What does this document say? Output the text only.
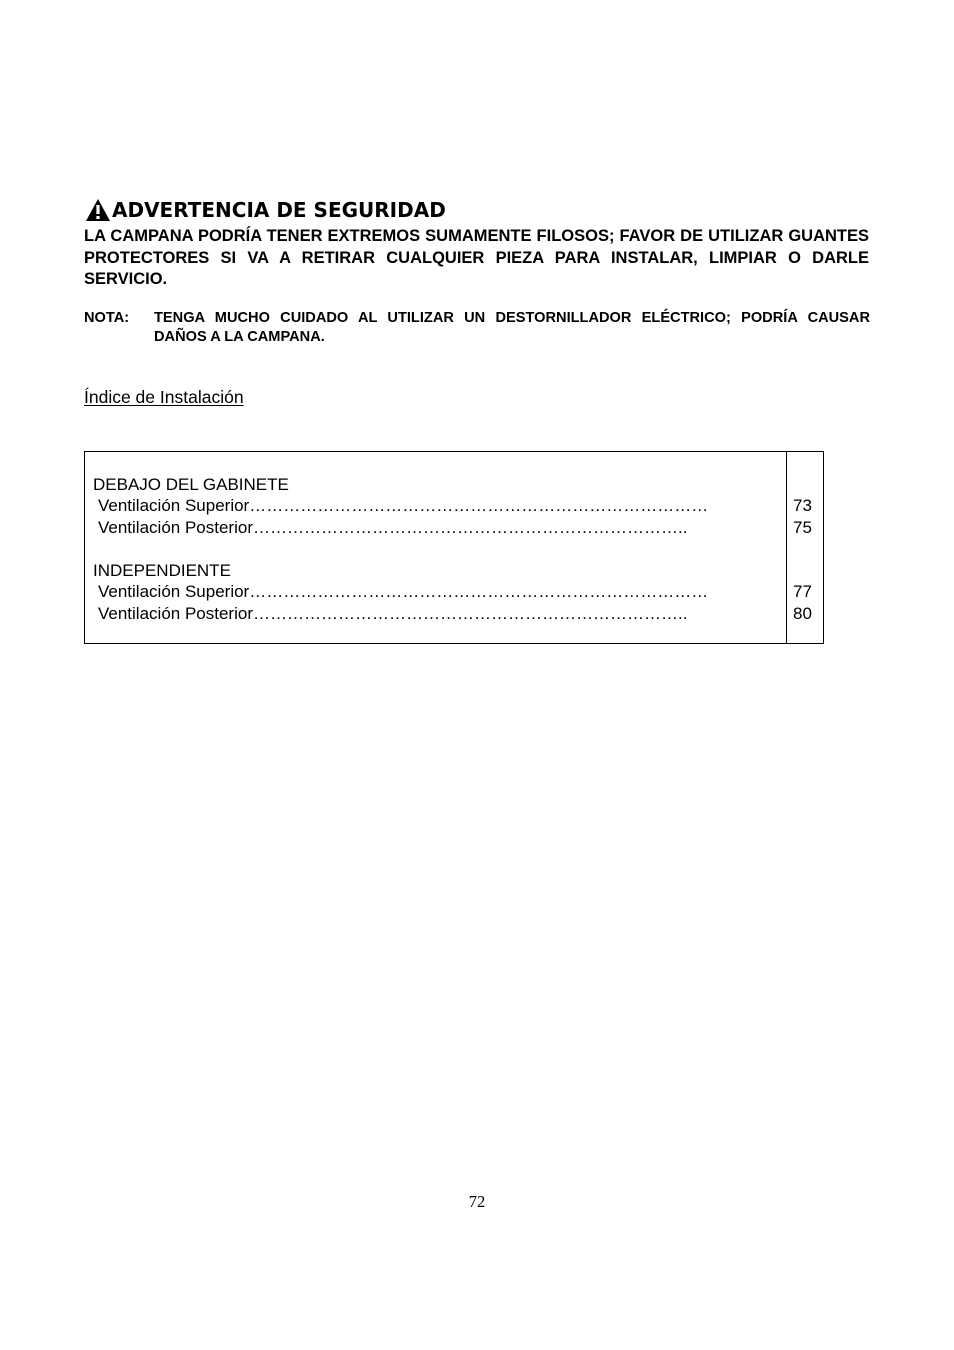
ADVERTENCIA DE SEGURIDAD
LA CAMPANA PODRÍA TENER EXTREMOS SUMAMENTE FILOSOS; FAVOR DE UTILIZAR GUANTES PROTECTORES SI VA A RETIRAR CUALQUIER PIEZA PARA INSTALAR, LIMPIAR O DARLE SERVICIO.
NOTA:	TENGA MUCHO CUIDADO AL UTILIZAR UN DESTORNILLADOR ELÉCTRICO; PODRÍA CAUSAR DAÑOS A LA CAMPANA.
Índice de Instalación
DEBAJO DEL GABINETE
Ventilación Superior………………………………………………………………………	73
Ventilación Posterior…………………………………………………………………..	75
INDEPENDIENTE
Ventilación Superior………………………………………………………………………	77
Ventilación Posterior…………………………………………………………………..	80
72
